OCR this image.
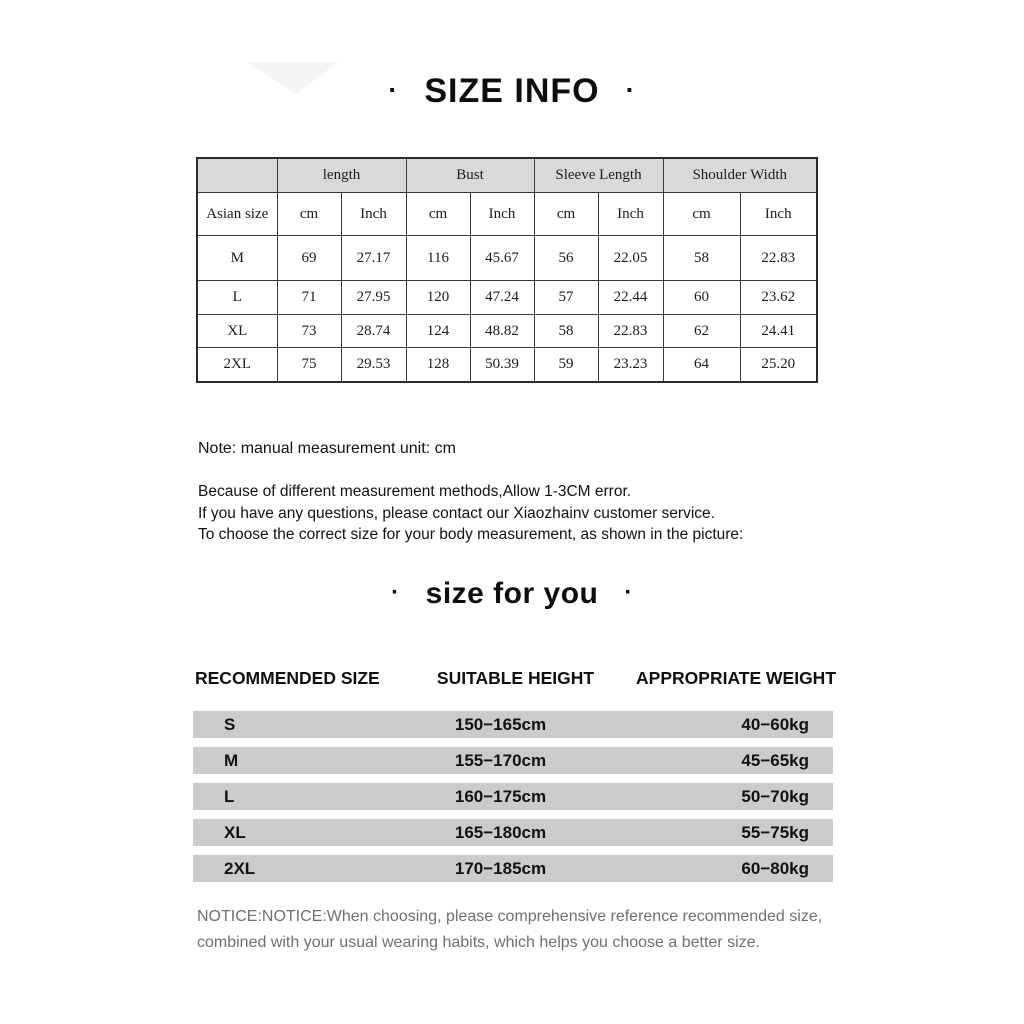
· SIZE INFO ·
	length		Bust		Sleeve Length		Shoulder Width	
Asian size	cm	Inch	cm	Inch	cm	Inch	cm	Inch
M	69	27.17	116	45.67	56	22.05	58	22.83
L	71	27.95	120	47.24	57	22.44	60	23.62
XL	73	28.74	124	48.82	58	22.83	62	24.41
2XL	75	29.53	128	50.39	59	23.23	64	25.20
Note: manual measurement unit: cm
Because of different measurement methods,Allow 1-3CM error.
If you have any questions, please contact our Xiaozhainv customer service.
To choose the correct size for your body measurement, as shown in the picture:
· size for you ·
RECOMMENDED SIZE	SUITABLE HEIGHT	APPROPRIATE WEIGHT
S	150−165cm	40−60kg
M	155−170cm	45−65kg
L	160−175cm	50−70kg
XL	165−180cm	55−75kg
2XL	170−185cm	60−80kg
NOTICE:NOTICE:When choosing, please comprehensive reference recommended size,
combined with your usual wearing habits, which helps you choose a better size.
